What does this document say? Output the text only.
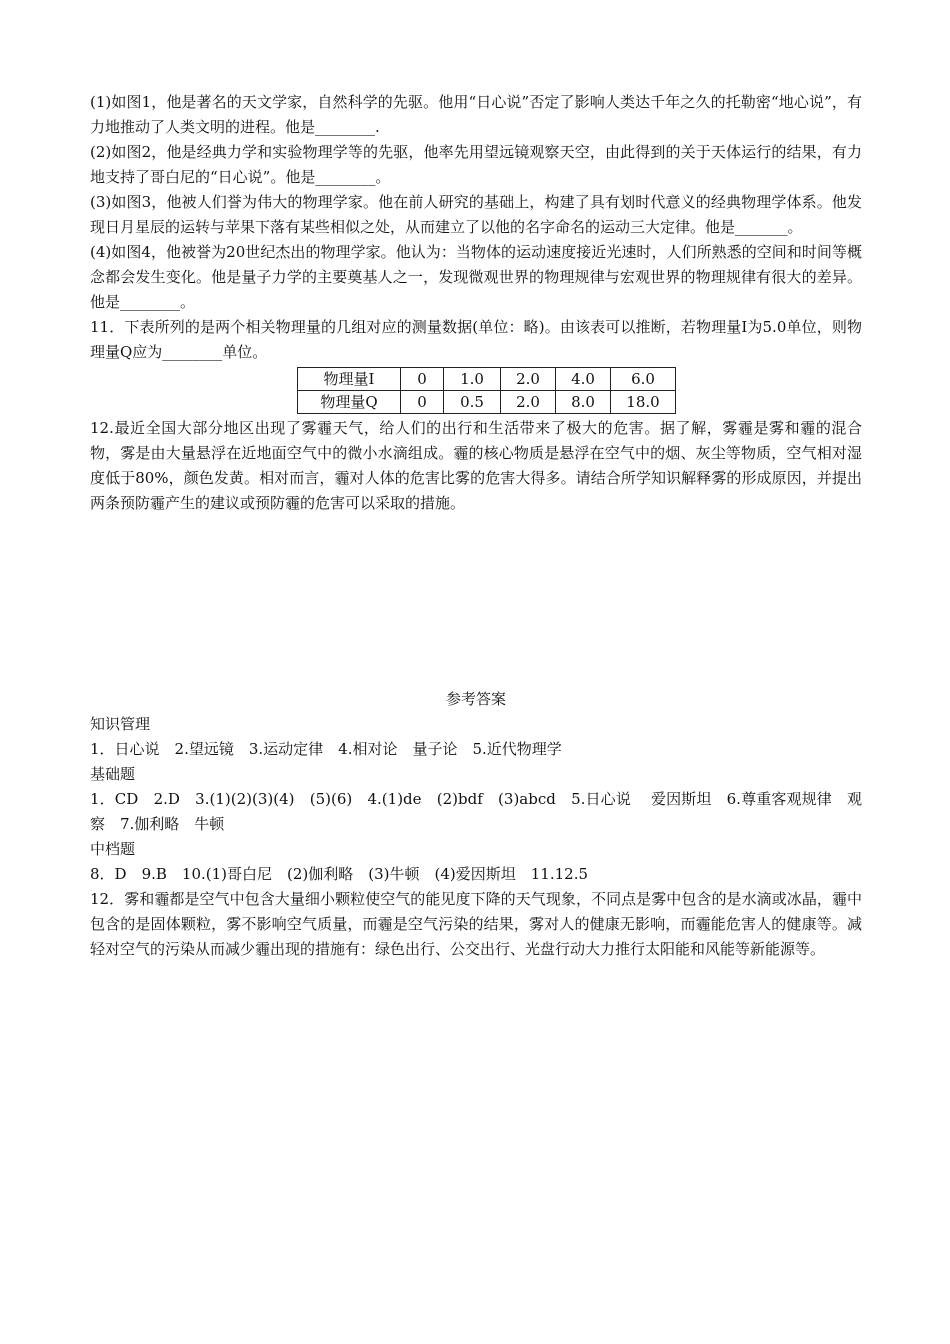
(1)如图1，他是著名的天文学家，自然科学的先驱。他用“日心说”否定了影响人类达千年之久的托勒密“地心说”，有力地推动了人类文明的进程。他是________.

(2)如图2，他是经典力学和实验物理学等的先驱，他率先用望远镜观察天空，由此得到的关于天体运行的结果，有力地支持了哥白尼的“日心说”。他是________。

(3)如图3，他被人们誉为伟大的物理学家。他在前人研究的基础上，构建了具有划时代意义的经典物理学体系。他发现日月星辰的运转与苹果下落有某些相似之处，从而建立了以他的名字命名的运动三大定律。他是_______。

(4)如图4，他被誉为20世纪杰出的物理学家。他认为：当物体的运动速度接近光速时，人们所熟悉的空间和时间等概念都会发生变化。他是量子力学的主要奠基人之一，发现微观世界的物理规律与宏观世界的物理规律有很大的差异。他是________。

11．下表所列的是两个相关物理量的几组对应的测量数据(单位：略)。由该表可以推断，若物理量I为5.0单位，则物理量Q应为________单位。

物理量I	0	1.0	2.0	4.0	6.0
物理量Q	0	0.5	2.0	8.0	18.0

12.最近全国大部分地区出现了雾霾天气，给人们的出行和生活带来了极大的危害。据了解，雾霾是雾和霾的混合物，雾是由大量悬浮在近地面空气中的微小水滴组成。霾的核心物质是悬浮在空气中的烟、灰尘等物质，空气相对湿度低于80%，颜色发黄。相对而言，霾对人体的危害比雾的危害大得多。请结合所学知识解释雾的形成原因，并提出两条预防霾产生的建议或预防霾的危害可以采取的措施。

参考答案

知识管理

1．日心说　2.望远镜　3.运动定律　4.相对论　量子论　5.近代物理学

基础题

1．CD　2.D　3.(1)(2)(3)(4)　(5)(6)　4.(1)de　(2)bdf　(3)abcd　5.日心说　 爱因斯坦　6.尊重客观规律　观察　7.伽利略　牛顿

中档题

8．D　9.B　10.(1)哥白尼　(2)伽利略　(3)牛顿　(4)爱因斯坦　11.12.5

12．雾和霾都是空气中包含大量细小颗粒使空气的能见度下降的天气现象，不同点是雾中包含的是水滴或冰晶，霾中包含的是固体颗粒，雾不影响空气质量，而霾是空气污染的结果，雾对人的健康无影响，而霾能危害人的健康等。减轻对空气的污染从而减少霾出现的措施有：绿色出行、公交出行、光盘行动大力推行太阳能和风能等新能源等。
